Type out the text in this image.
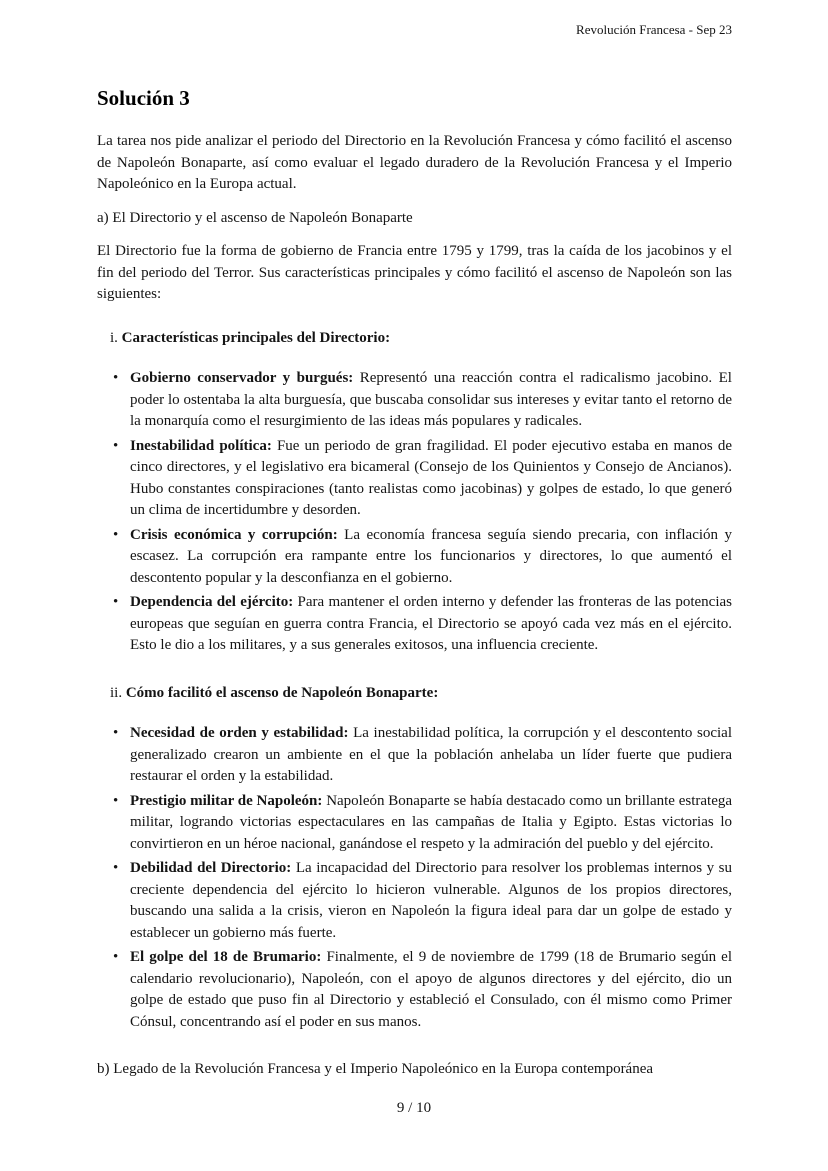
Revolución Francesa - Sep 23
Solución 3

La tarea nos pide analizar el periodo del Directorio en la Revolución Francesa y cómo facilitó el ascenso de Napoleón Bonaparte, así como evaluar el legado duradero de la Revolución Francesa y el Imperio Napoleónico en la Europa actual.

a) El Directorio y el ascenso de Napoleón Bonaparte

El Directorio fue la forma de gobierno de Francia entre 1795 y 1799, tras la caída de los jacobinos y el fin del periodo del Terror. Sus características principales y cómo facilitó el ascenso de Napoleón son las siguientes:

i. Características principales del Directorio:
• Gobierno conservador y burgués: Representó una reacción contra el radicalismo jacobino. El poder lo ostentaba la alta burguesía, que buscaba consolidar sus intereses y evitar tanto el retorno de la monarquía como el resurgimiento de las ideas más populares y radicales.
• Inestabilidad política: Fue un periodo de gran fragilidad. El poder ejecutivo estaba en manos de cinco directores, y el legislativo era bicameral (Consejo de los Quinientos y Consejo de Ancianos). Hubo constantes conspiraciones (tanto realistas como jacobinas) y golpes de estado, lo que generó un clima de incertidumbre y desorden.
• Crisis económica y corrupción: La economía francesa seguía siendo precaria, con inflación y escasez. La corrupción era rampante entre los funcionarios y directores, lo que aumentó el descontento popular y la desconfianza en el gobierno.
• Dependencia del ejército: Para mantener el orden interno y defender las fronteras de las potencias europeas que seguían en guerra contra Francia, el Directorio se apoyó cada vez más en el ejército. Esto le dio a los militares, y a sus generales exitosos, una influencia creciente.
ii. Cómo facilitó el ascenso de Napoleón Bonaparte:
• Necesidad de orden y estabilidad: La inestabilidad política, la corrupción y el descontento social generalizado crearon un ambiente en el que la población anhelaba un líder fuerte que pudiera restaurar el orden y la estabilidad.
• Prestigio militar de Napoleón: Napoleón Bonaparte se había destacado como un brillante estratega militar, logrando victorias espectaculares en las campañas de Italia y Egipto. Estas victorias lo convirtieron en un héroe nacional, ganándose el respeto y la admiración del pueblo y del ejército.
• Debilidad del Directorio: La incapacidad del Directorio para resolver los problemas internos y su creciente dependencia del ejército lo hicieron vulnerable. Algunos de los propios directores, buscando una salida a la crisis, vieron en Napoleón la figura ideal para dar un golpe de estado y establecer un gobierno más fuerte.
• El golpe del 18 de Brumario: Finalmente, el 9 de noviembre de 1799 (18 de Brumario según el calendario revolucionario), Napoleón, con el apoyo de algunos directores y del ejército, dio un golpe de estado que puso fin al Directorio y estableció el Consulado, con él mismo como Primer Cónsul, concentrando así el poder en sus manos.

b) Legado de la Revolución Francesa y el Imperio Napoleónico en la Europa contemporánea

9 / 10
